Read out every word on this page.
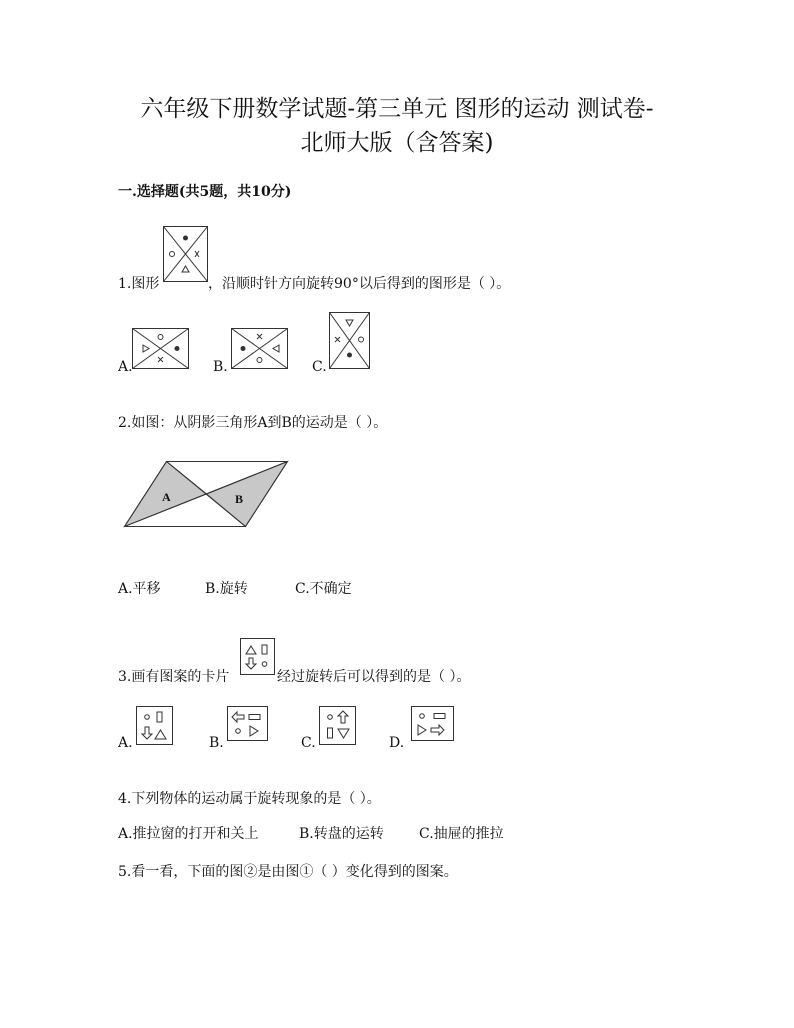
六年级下册数学试题-第三单元 图形的运动 测试卷-
北师大版（含答案)
一.选择题(共5题，共10分)
1.图形	，沿顺时针方向旋转90°以后得到的图形是（ ）。
A.	B.	C.
2.如图：从阴影三角形A到B的运动是（ ）。
A	B
A.平移	B.旋转	C.不确定
3.画有图案的卡片	经过旋转后可以得到的是（ ）。
A.	B.	C.	D.
4.下列物体的运动属于旋转现象的是（ ）。
A.推拉窗的打开和关上	B.转盘的运转	C.抽屉的推拉
5.看一看，下面的图②是由图①（ ）变化得到的图案。
